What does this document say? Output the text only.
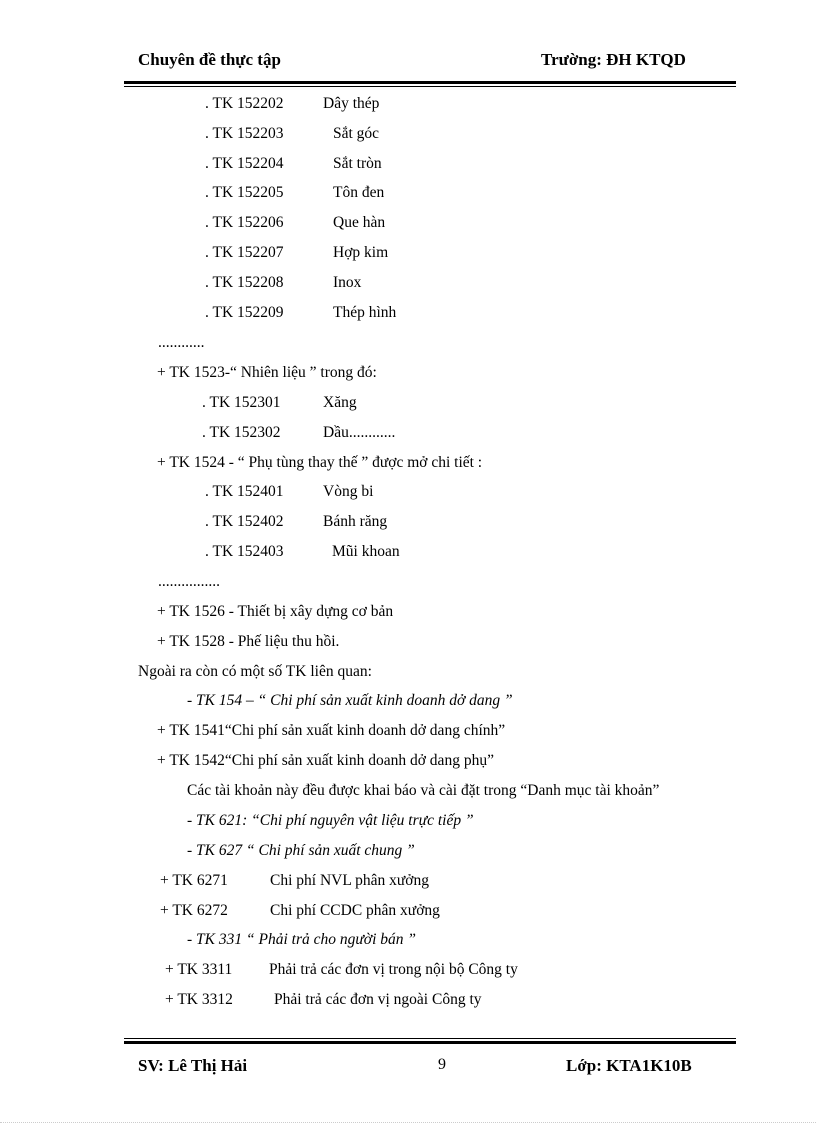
Chuyên đề thực tập	Trường: ĐH KTQD
. TK 152202	Dây thép
. TK 152203	Sắt góc
. TK 152204	Sắt tròn
. TK 152205	Tôn đen
. TK 152206	Que hàn
. TK 152207	Hợp kim
. TK 152208	Inox
. TK 152209	Thép hình
............
+ TK 1523-“ Nhiên liệu ” trong đó:
. TK 152301	Xăng
. TK 152302	Dầu............
+ TK 1524 - “ Phụ tùng thay thế ” được mở chi tiết :
. TK 152401	Vòng bi
. TK 152402	Bánh răng
. TK 152403	Mũi khoan
................
+ TK 1526 - Thiết bị xây dựng cơ bản
+ TK 1528 - Phế liệu thu hồi.
Ngoài ra còn có một số TK liên quan:
- TK 154 – “ Chi phí sản xuất kinh doanh dở dang ”
+ TK 1541“Chi phí sản xuất kinh doanh dở dang chính”
+ TK 1542“Chi phí sản xuất kinh doanh dở dang phụ”
Các tài khoản này đều được khai báo và cài đặt trong “Danh mục tài khoản”
- TK 621: “Chi phí nguyên vật liệu trực tiếp ”
- TK 627 “ Chi phí sản xuất chung ”
+ TK 6271	Chi phí NVL phân xưởng
+ TK 6272	Chi phí CCDC phân xưởng
- TK 331 “ Phải trả cho người bán ”
+ TK 3311 Phải trả các đơn vị trong nội bộ Công ty
+ TK 3312	Phải trả các đơn vị ngoài Công ty
SV: Lê Thị Hải	9	Lớp: KTA1K10B
